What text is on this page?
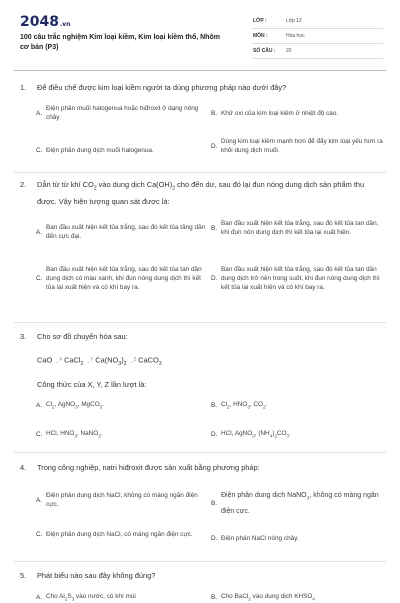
2048.vn
100 câu trắc nghiệm Kim loại kiềm, Kim loại kiềm thổ, Nhôm cơ bản (P3)
LỚP :	Lớp 12
MÔN :	Hóa học
SỐ CÂU :	20
1.	Để điều chế được kim loại kiềm người ta dùng phương pháp nào dưới đây?
A.
Điện phân muối halogenua hoặc hiđroxit ở dạng nóng chảy.
B. Khử oxi của kim loại kiềm ở nhiệt độ cao.
C. Điện phân dung dịch muối halogenua.
D.
Dùng kim loại kiềm mạnh hơn để đẩy kim loại yếu hơn ra khỏi dung dịch muối.
2.	Dẫn từ từ khí $CO_2$ vào dung dịch $Ca(OH)_2$ cho đến dư, sau đó lại đun nóng dung dịch sản phẩm thu được. Vậy hiện tượng quan sát được là:
A.
Ban đầu xuất hiện kết tủa trắng, sau đó kết tủa tăng dần đến cực đại.
B.
Ban đầu xuất hiện kết tủa trắng, sau đó kết tủa tan dần, khi đun nón dung dịch thì kết tủa lại xuất hiện.
C.
Ban đầu xuất hiện kết tủa trắng, sau đó kết tủa tan dần dung dịch có màu xanh, khi đun nóng dung dịch thì kết tủa lại xuất hiện và có khí bay ra.
D.
Ban đầu xuất hiện kết tủa trắng, sau đó kết tủa tan dần dung dịch trở nên trong suốt, khi đun nóng dung dịch thì kết tủa lại xuất hiện và có khí bay ra.
3.	Cho sơ đồ chuyển hóa sau:
CaO →$^X$ CaCl$_2$ →$^Y$ $Ca(NO_3)_2 \to^Z$ CaCO$_3$
Công thức của X, Y, Z lần lượt là:
A. $Cl_2$, AgNO$_3$, MgCO$_3$.	B. $Cl_2$, $HNO_3$, $CO_2$.
C. HCl, $HNO_3$, NaNO$_3$.	D. HCl, AgNO$_3$, $(NH_4)_2CO_3$.
4.	Trong công nghiệp, natri hiđroxit được sản xuất bằng phương pháp:
A.
Điện phân dung dịch NaCl, không có màng ngăn điện cực.	B.
Điện phân dung dịch NaNO$_3$, không có màng ngăn điện cực.
C. Điện phân dung dịch NaCl, có màng ngăn điện cực.
D. Điện phân NaCl nóng chảy.
5.	Phát biểu nào sau đây không đúng?
A. Cho $Al_2S_3$ vào nước, có khí mùi	B. Cho BaCl$_2$ vào dung dịch $KHSO_4$
